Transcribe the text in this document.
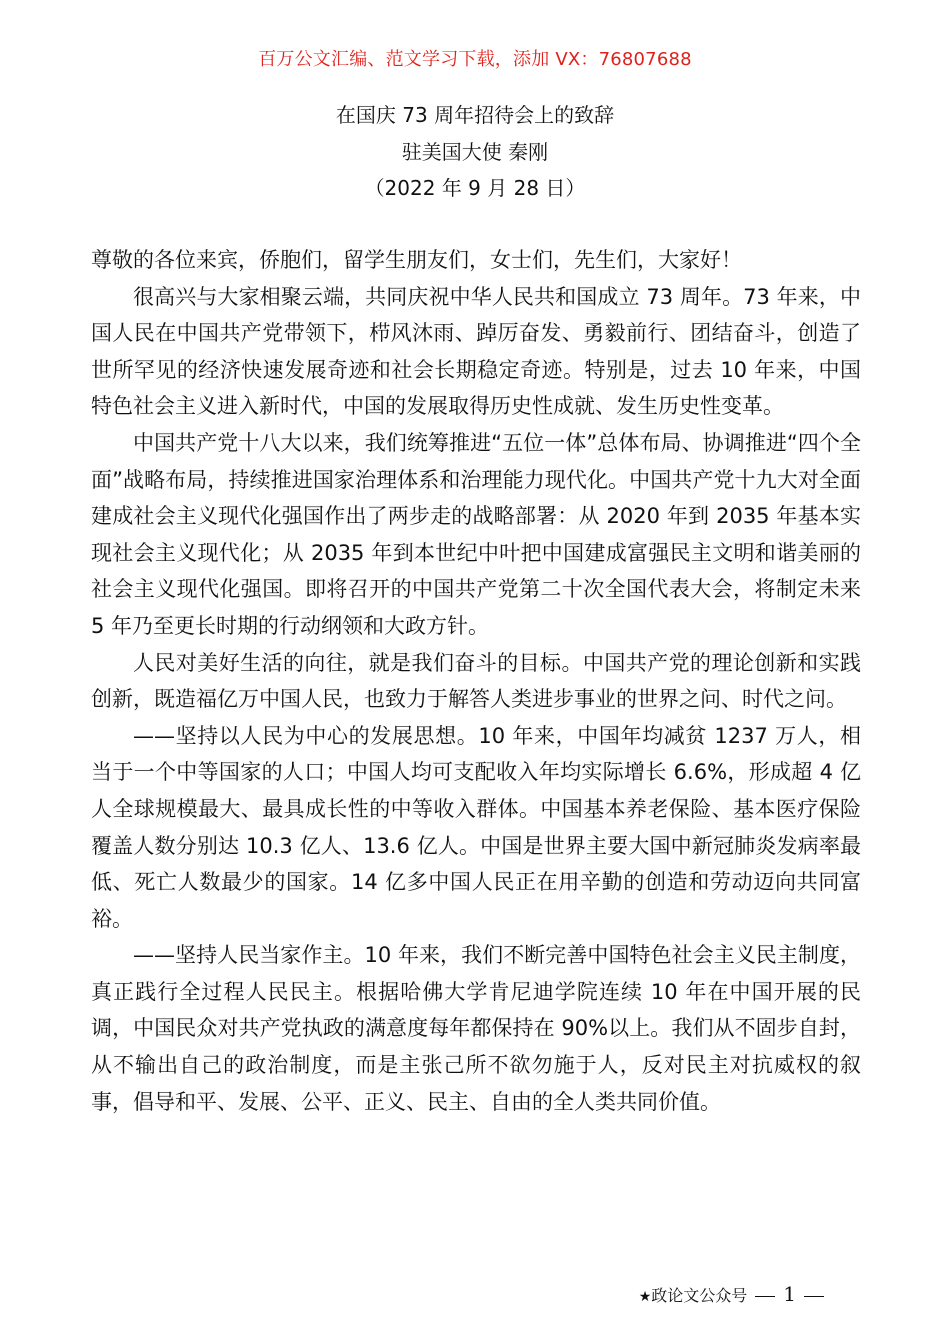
百万公文汇编、范文学习下载，添加 VX：76807688
在国庆 73 周年招待会上的致辞
驻美国大使 秦刚
（2022 年 9 月 28 日）

尊敬的各位来宾，侨胞们，留学生朋友们，女士们，先生们，大家好！

很高兴与大家相聚云端，共同庆祝中华人民共和国成立 73 周年。73 年来，中国人民在中国共产党带领下，栉风沐雨、踔厉奋发、勇毅前行、团结奋斗，创造了世所罕见的经济快速发展奇迹和社会长期稳定奇迹。特别是，过去 10 年来，中国特色社会主义进入新时代，中国的发展取得历史性成就、发生历史性变革。

中国共产党十八大以来，我们统筹推进“五位一体”总体布局、协调推进“四个全面”战略布局，持续推进国家治理体系和治理能力现代化。中国共产党十九大对全面建成社会主义现代化强国作出了两步走的战略部署：从 2020 年到 2035 年基本实现社会主义现代化；从 2035 年到本世纪中叶把中国建成富强民主文明和谐美丽的社会主义现代化强国。即将召开的中国共产党第二十次全国代表大会，将制定未来 5 年乃至更长时期的行动纲领和大政方针。

人民对美好生活的向往，就是我们奋斗的目标。中国共产党的理论创新和实践创新，既造福亿万中国人民，也致力于解答人类进步事业的世界之问、时代之问。

——坚持以人民为中心的发展思想。10 年来，中国年均减贫 1237 万人，相当于一个中等国家的人口；中国人均可支配收入年均实际增长 6.6%，形成超 4 亿人全球规模最大、最具成长性的中等收入群体。中国基本养老保险、基本医疗保险覆盖人数分别达 10.3 亿人、13.6 亿人。中国是世界主要大国中新冠肺炎发病率最低、死亡人数最少的国家。14 亿多中国人民正在用辛勤的创造和劳动迈向共同富裕。

——坚持人民当家作主。10 年来，我们不断完善中国特色社会主义民主制度，真正践行全过程人民民主。根据哈佛大学肯尼迪学院连续 10 年在中国开展的民调，中国民众对共产党执政的满意度每年都保持在 90%以上。我们从不固步自封，从不输出自己的政治制度，而是主张己所不欲勿施于人，反对民主对抗威权的叙事，倡导和平、发展、公平、正义、民主、自由的全人类共同价值。

★政论文公众号 1
